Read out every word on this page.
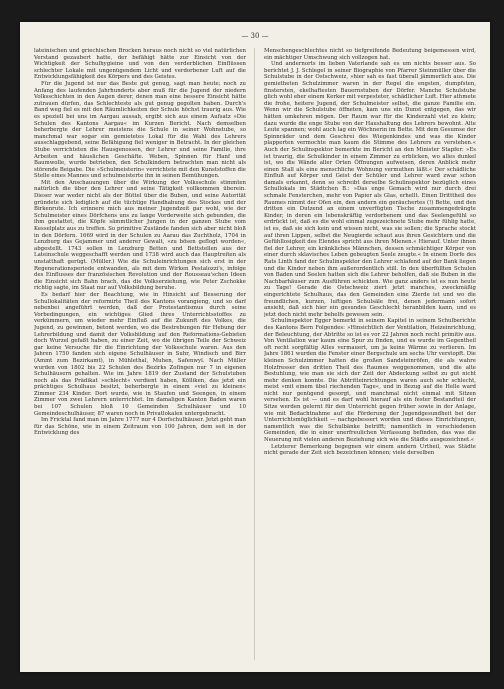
— 30 —

lateinischen und griechischen Brocken heraus noch nicht so viel natürlichen Verstand gezaubert hatte, der befähigt hätte zur Einsicht von der Wichtigkeit der Schulhygieine und von den verderblichen Einflüssen schlechter Lokale mit ungenügendem Licht und verdorbener Luft auf die Entwicklungsfähigkeit des Körpers und des Geistes.

Für die Jugend ist nur das Beste gut genug, sagt man heute; noch zu Anfang des laufenden Jahrhunderts aber muß für die Jugend der niedern Volksschichten in den Augen derer, denen man eine bessere Einsicht hätte zutrauen dürfen, das Schlechteste als gut genug gegolten haben. Durch's Band weg fiel es mit den Räumlichkeiten der Schule höchst traurig aus. Wie es speziell bei uns im Aargau aussah, ergibt sich aus einem Aufsatz »Die Schulen des Kantons Aargau« im Kurzen Bericht. Nach demselben beherbergte der Lehrer meistens die Schule in seiner Wohnstube, so manchmal war sogar ein gemietetes Lokal für die Wahl des Lehrers ausschlaggebend, seine Befähigung fiel weniger in Betracht. In der gleichen Stube verrichteten die Hausgenossen, der Lehrer und seine Familie, ihre Arbeiten und häuslichen Geschäfte. Weben, Spinnen für Hanf und Baumwolle, wurde betrieben, den Schulkindern betrachten man nicht als störende Beigabe. Die »Schulmeisterin« verrichtete mit den Kunststoffen die Stelle eines Mannes und schulmeisterte ihn in seinen Bemühungen.

Mit den Anschauungen über die Wirkung der Volksschule stimmten natürlich die über den Lehrer und seine Tätigkeit vollkommen überein. Dieser war weder nicht als der Büttel über die Buben, und seine Autorität gründete sich lediglich auf die tüchtige Handhabung des Stockes und der Birkenrute. Ich erinnere mich aus meiner Jugendzeit gar wohl, wie der Schulmeister eines Dörfchens uns zu lange Vorderweite sich gebunden, die ihm gestattet, die Köpfe sämmtlicher Jungen in der ganzen Stube vom Kesselplatz aus zu treffen. So primitive Zustände fanden sich aber nicht bloß in den Dörfern. 1669 wird in der Schulen zu Aarau das Zuchtholz, 1704 in Lenzburg das Gejammer und anderer Gewalt, »zu bösen geflogt worden«, abgestellt. 1743 sollen in Lenzburg Betten und Bettstellen aus der Lateinschule weggeschafft werden und 1738 wird auch das Hauptreiten als unstatthaft gerügt. (Müller.) Wie die Schuleinrichtungen sich erst in der Regenerationsperiode entwanden, als mit dem Wirken Pestalozzi's, infolge des Einflusses der französischen Revolution und der Rousseau'schen Ideen die Einsicht sich Bahn brach, das die Volkserziehung, wie Peter Zschokke richtig sagte, im Staat nur auf Volksbildung beruhe.

Es bedarf hier der Beachtung, wie in Hinsicht auf Besserung der Schullokalitäten der reformirte Theil des Kantons vorangieng, und so darf nebenbei angeführt werden, daß der Protestantismus durch seine Vorbedingungen, ein wichtiges Glied ihres Unterrichtsstoffes zu verkümmern, um wieder mehr Einfluß auf die Zukunft des Volkes, die Jugend, zu gewinnen, betont werden, wo die Bestrebungen für Hebung der Lehrerbildung und damit der Volksbildung auf den Reformations-Gebieten doch Wurzel gefaßt haben, zu einer Zeit, wo die übrigen Teile der Schweiz gar keine Versuche für die Einrichtung der Volksschule waren. Aus den Jahren 1750 fanden sich eigene Schulhäuser in Suhr, Windisch und Birr (Ammt zum Bezirkamt), in Mühlethal, Muhen, Safenwyl. Nach Müller wurden von 1802 bis 22 Schulen des Bezirks Zofingen nur 7 in eigenen Schulhäusern gehalten. Wie im Jahre 1819 der Zustand der Schulstuben noch als das Prädikat »schlecht« verdient haben, Kölliken, das jetzt ein prächtiges Schulhaus besitzt, beherbergte in einem »viel zu kleinen« Zimmer 234 Kinder. Dort wurde, wie in Staufen und Seengen, in einem Zimmer von zwei Lehrern unterrichtet. Im damaligen Kanton Baden waren bei 107 Schulen bloß 10 Gemeinden Schulhäuser und 10 Gemeindeschulhäuser, 87 waren noch in Privatlokalen untergebracht.

Im Fricktal fand man im Jahre 1777 nur 4 Dorfschulhäuser. Jetzt geht man für das Schöne, wie in einem Zeitraum von 100 Jahren, dem seit in der Entwicklung des

Menschengeschlechtes nicht so tiefgreifende Bedeutung beigemessen wird, ein mächtiger Umschwung sich vollzogen hat.

Und andernorts im lieben Vaterlande sah es um nichts besser aus. So berichtet J. J. Schlegel in seiner Biographie von Pfarrer Steinmüller über die Schulstube in der Ostschweiz, »hier sah es fast überall jämmerlich aus. Die gemietheten Schulzimmer waren in der Regel die engsten, dumpfsten, finstersten, ekelhaftesten Bauernstuben der Dörfer. Manche Schulstube glich wohl eher einem Kerker mit verpesteter, schädlicher Luft. Hier athmete die frohe, heitere Jugend, der Schulmeister selbst, die ganze Familie ein. Wenn wir die Schulstube öffneten, kam uns ein Dunst entgegen, das wir hätten umkehren mögen. Der Raum war für die Kinderzahl viel zu klein; dazu wurde die enge Stube von der Haushaltung des Lehrers bewohnt. Alte Leute spannen; wohl auch lag ein Wöchnerin im Bette. Mit dem Gesumse der Spinnräder und dem Geschrei des Wiegenkindes und was die Kinder plapperten vermochte man kaum die Stimme des Lehrers zu verstehen.« Auch der Schulinspektor bemerkte im Bericht an den Minister Stapfer: »Es ist traurig, die Schulkinder in einem Zimmer zu erblicken, wo alles dunkel ist, wo die Wände aller Orten Öffnungen aufweisen, deren Anblick mehr einen Stall als eine menschliche Wohnung vermuthen läßt.« Der schädliche Einfluß auf Körper und Geist der Schüler und Lehrer ward zwar schon damals erkannt, denn so schreibt derselbe Schulinspektor bezüglich eines Schullokals im Städtchen B.: »Das enge Gemach wird nur durch drei schmale Fensterchen, mehr von Papier als Glas, erhellt. Einen Dritttheil des Raumes nimmt der Ofen ein, den andern ein geräuchertes (!) Bette, und den dritten ein Dutzend an einem unverfügten Tische zusammengedrängte Kinder, in deren ein lebenskräftig verdorbenem und das Seelengefühl so erdrückt ist, daß es die wohl einmal zugezeichnete Stube mehr fühlig hatte, ist es, daß sie sich kein und wissen nicht, was sie sollen; die Sprache stockt auf ihren Lippen, selbst die Neugierde schaut aus ihren Gesichtern und die Gefühllosigkeit des Elendes spricht aus ihren Mienen.« Hierauf. Unter ihnen fiel der Lehrer, ein kränkliches Männchen, dessen schmächtiger Körper von einer durch sklavisches Leben gebeugten Seele zeugte.« In einem Dorfe des Rats Linth fand der Schulinspektor den Lehrer schlafend auf der Bank liegen und die Kinder neben ihm außerordentlich still. In den überfüllten Schulen von Baden und Seelen hatten sich die Lehrer beholfen, daß sie Buben in die Nachbarhäuser zum Ausführen schickten. Wie ganz anders ist es nun heute zu Tage! Gerade die Ostschweiz ziert jetzt manches, zweckmäßig eingerichtete Schulhaus, das den Gemeinden eine Zierde ist und wo die freundlichen, kurzen, luftigen Schulsäle frei, denen jedermann sofort ansieht, daß sich hier ein gesundes Geschlecht heranbilden kann, und es jetzt doch nicht mehr behelfs gewesen sein.

Schulinspektor Egger bemerkt in seinem Kapitel in seinem Schulberichte des Kantons Bern Folgendes: »Hinsichtlich der Ventilation, Heizeinrichtung, der Beleuchtung, der Abtritte so ist es vor 22 Jahren noch recht primitiv aus. Von Ventilation war kaum eine Spur zu finden, und es wurde im Gegentheil oft recht sorgfältig Alles vermauert, um ja keine Wärme zu verlieren. Im Jahre 1861 wurden die Fenster einer Bergschule um sechs Uhr verstopft. Die kleinen Schulzimmer hatten die großen Sandsteinröfen, die als wahre Holzfresser den dritten Theil des Raumes weggenommen, und die alte Bestuhlung, wie man sie sich der Zeit der Abdeckung selbst zu gut nicht mehr denken konnte. Die Abtritteinrichtungen waren auch sehr schlecht, meist »mit einem übel riechenden Tage«, und in Bezug auf die Helle ward nicht nur genügend gesorgt, und manchmal nicht einmal mit Sitzen versehen. Es ist — und es darf wohl hierauf als ein fester Bestandteil der Sitze werden gelernt für den Unterricht gegen früher sowie in der Anlage, wie mit Bedachtnahme auf die Förderung der Jugendgesundheit bei der Unterrichtsmöglichkeit — nachgebessert worden und dieses Einrichtungen, namentlich was die Schulbänke betrifft; namentlich in verschiedenen Gemeinden, die in einer unerfreulichen Verfassung befinden, das was die Neuerung mit vielen anderen Beziehung sich wie die Städte ausgezeichnet.«

Letzterer Bemerkung begegnen wir einem andern Urtheil, was Städte nicht gerade der Zeit sich bezeichnen können; viele derselben
